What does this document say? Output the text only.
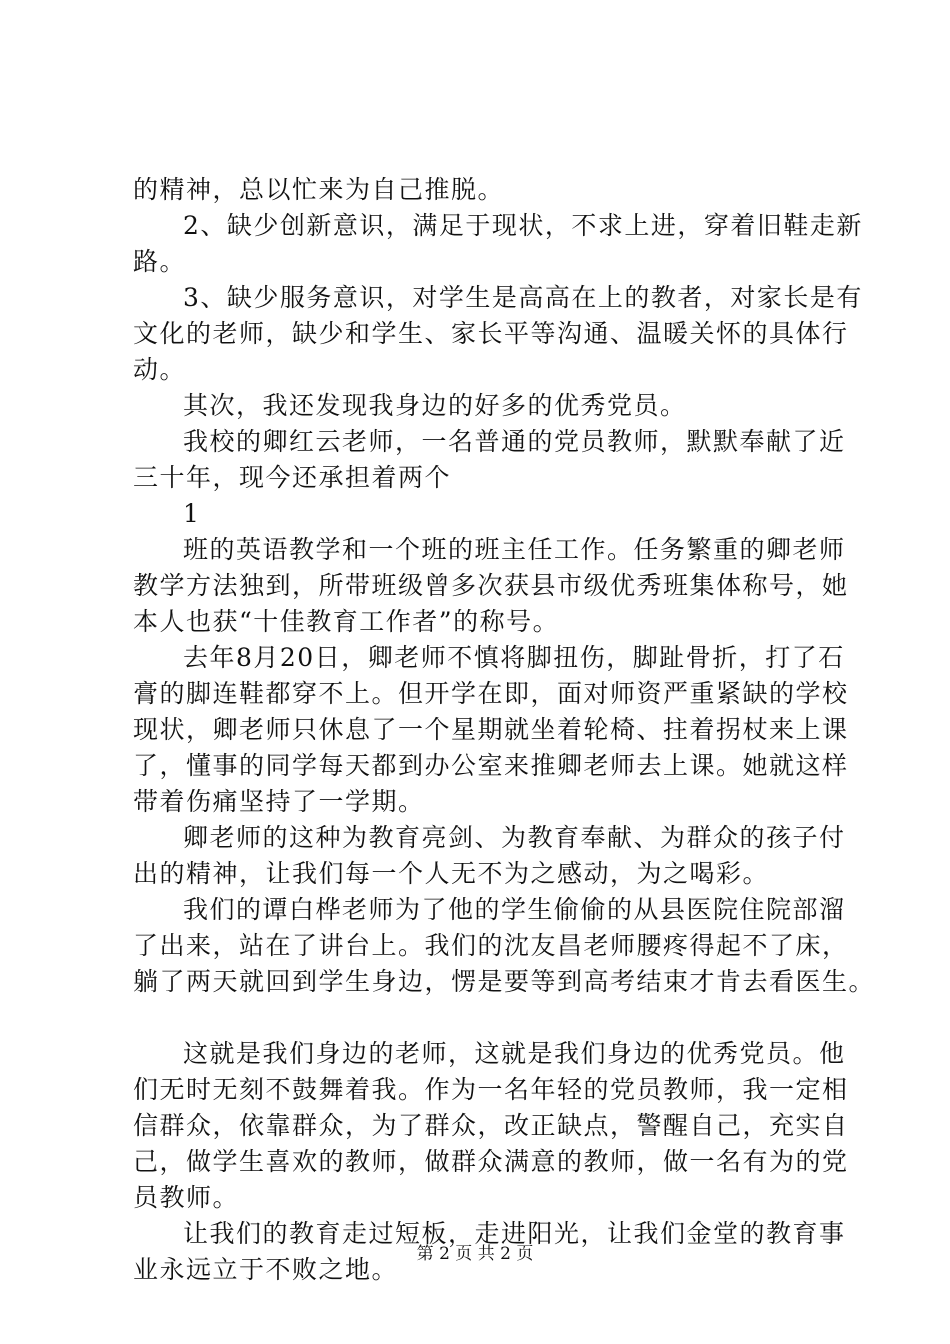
的精神，总以忙来为自己推脱。
2、缺少创新意识，满足于现状，不求上进，穿着旧鞋走新
路。
3、缺少服务意识，对学生是高高在上的教者，对家长是有
文化的老师，缺少和学生、家长平等沟通、温暖关怀的具体行
动。
其次，我还发现我身边的好多的优秀党员。
我校的卿红云老师，一名普通的党员教师，默默奉献了近
三十年，现今还承担着两个
1
班的英语教学和一个班的班主任工作。任务繁重的卿老师
教学方法独到，所带班级曾多次获县市级优秀班集体称号，她
本人也获“十佳教育工作者”的称号。
去年8月20日，卿老师不慎将脚扭伤，脚趾骨折，打了石
膏的脚连鞋都穿不上。但开学在即，面对师资严重紧缺的学校
现状，卿老师只休息了一个星期就坐着轮椅、拄着拐杖来上课
了，懂事的同学每天都到办公室来推卿老师去上课。她就这样
带着伤痛坚持了一学期。
卿老师的这种为教育亮剑、为教育奉献、为群众的孩子付
出的精神，让我们每一个人无不为之感动，为之喝彩。
我们的谭白桦老师为了他的学生偷偷的从县医院住院部溜
了出来，站在了讲台上。我们的沈友昌老师腰疼得起不了床，
躺了两天就回到学生身边，愣是要等到高考结束才肯去看医生。
这就是我们身边的老师，这就是我们身边的优秀党员。他
们无时无刻不鼓舞着我。作为一名年轻的党员教师，我一定相
信群众，依靠群众，为了群众，改正缺点，警醒自己，充实自
己，做学生喜欢的教师，做群众满意的教师，做一名有为的党
员教师。
让我们的教育走过短板，走进阳光，让我们金堂的教育事
业永远立于不败之地。
第 2 页 共 2 页
